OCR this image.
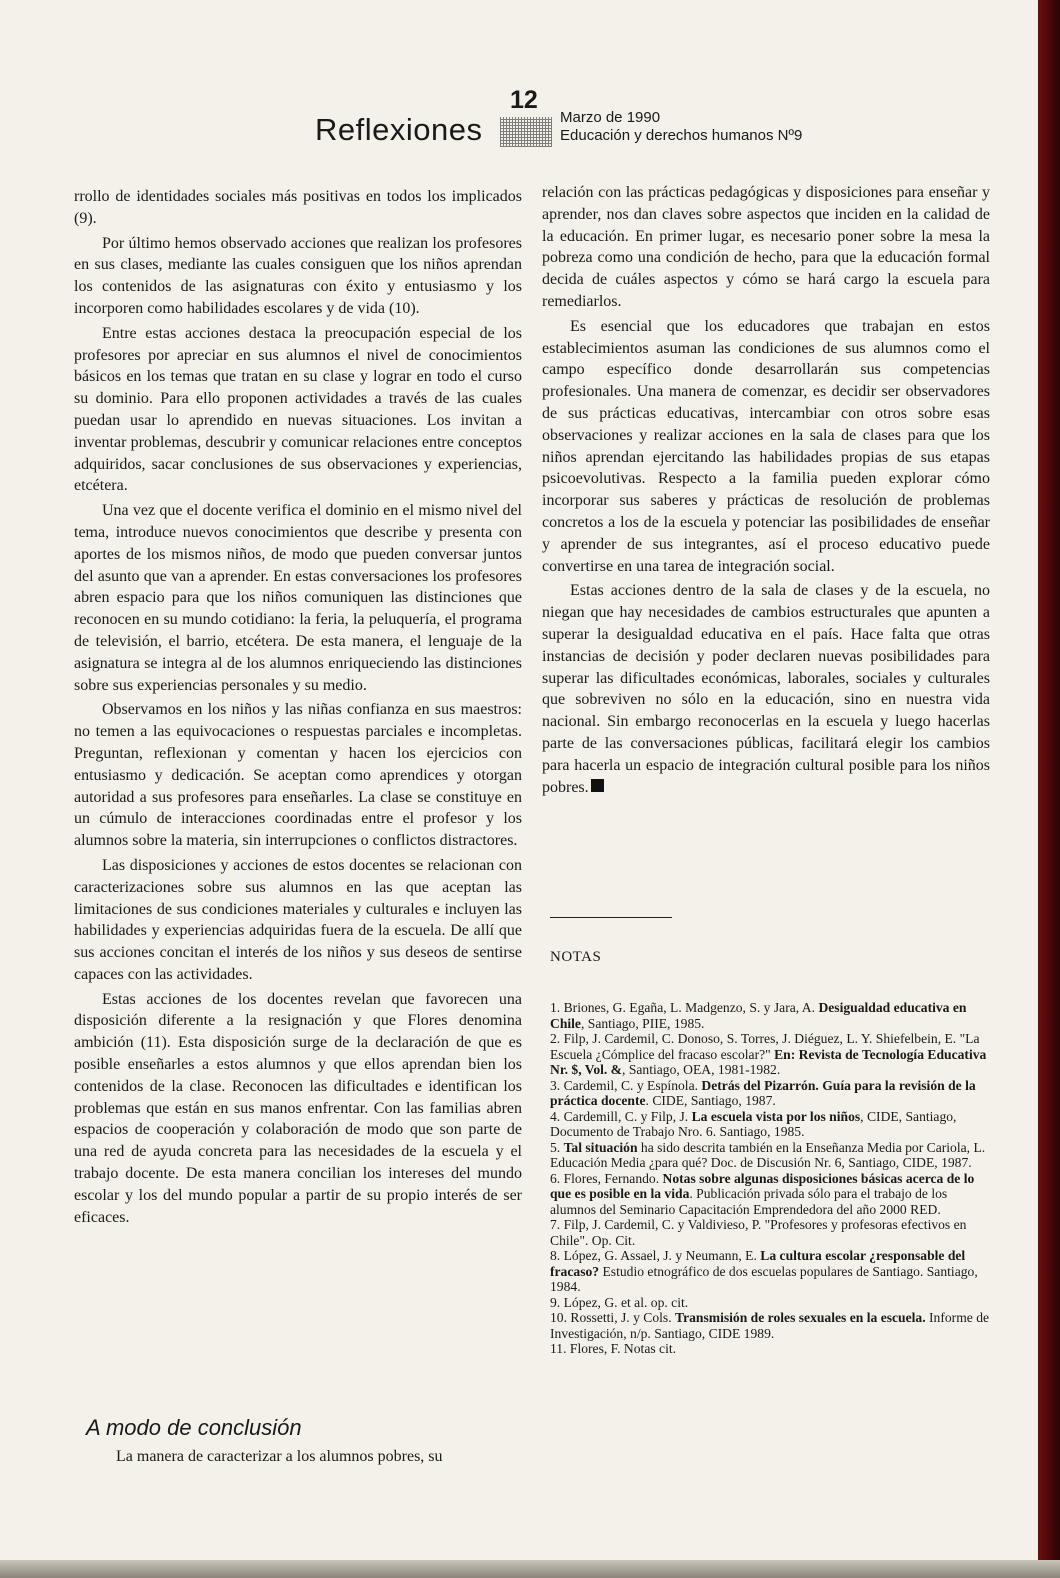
12
Reflexiones	Marzo de 1990
Educación y derechos humanos Nº9

rrollo de identidades sociales más positivas en todos los implicados (9).

Por último hemos observado acciones que realizan los profesores en sus clases, mediante las cuales consiguen que los niños aprendan los contenidos de las asignaturas con éxito y entusiasmo y los incorporen como habilidades escolares y de vida (10).

Entre estas acciones destaca la preocupación especial de los profesores por apreciar en sus alumnos el nivel de conocimientos básicos en los temas que tratan en su clase y lograr en todo el curso su dominio. Para ello proponen actividades a través de las cuales puedan usar lo aprendido en nuevas situaciones. Los invitan a inventar problemas, descubrir y comunicar relaciones entre conceptos adquiridos, sacar conclusiones de sus observaciones y experiencias, etcétera.

Una vez que el docente verifica el dominio en el mismo nivel del tema, introduce nuevos conocimientos que describe y presenta con aportes de los mismos niños, de modo que pueden conversar juntos del asunto que van a aprender. En estas conversaciones los profesores abren espacio para que los niños comuniquen las distinciones que reconocen en su mundo cotidiano: la feria, la peluquería, el programa de televisión, el barrio, etcétera. De esta manera, el lenguaje de la asignatura se integra al de los alumnos enriqueciendo las distinciones sobre sus experiencias personales y su medio.

Observamos en los niños y las niñas confianza en sus maestros: no temen a las equivocaciones o respuestas parciales e incompletas. Preguntan, reflexionan y comentan y hacen los ejercicios con entusiasmo y dedicación. Se aceptan como aprendices y otorgan autoridad a sus profesores para enseñarles. La clase se constituye en un cúmulo de interacciones coordinadas entre el profesor y los alumnos sobre la materia, sin interrupciones o conflictos distractores.

Las disposiciones y acciones de estos docentes se relacionan con caracterizaciones sobre sus alumnos en las que aceptan las limitaciones de sus condiciones materiales y culturales e incluyen las habilidades y experiencias adquiridas fuera de la escuela. De allí que sus acciones concitan el interés de los niños y sus deseos de sentirse capaces con las actividades.

Estas acciones de los docentes revelan que favorecen una disposición diferente a la resignación y que Flores denomina ambición (11). Esta disposición surge de la declaración de que es posible enseñarles a estos alumnos y que ellos aprendan bien los contenidos de la clase. Reconocen las dificultades e identifican los problemas que están en sus manos enfrentar. Con las familias abren espacios de cooperación y colaboración de modo que son parte de una red de ayuda concreta para las necesidades de la escuela y el trabajo docente. De esta manera concilian los intereses del mundo escolar y los del mundo popular a partir de su propio interés de ser eficaces.

A modo de conclusión
La manera de caracterizar a los alumnos pobres, su

relación con las prácticas pedagógicas y disposiciones para enseñar y aprender, nos dan claves sobre aspectos que inciden en la calidad de la educación. En primer lugar, es necesario poner sobre la mesa la pobreza como una condición de hecho, para que la educación formal decida de cuáles aspectos y cómo se hará cargo la escuela para remediarlos.

Es esencial que los educadores que trabajan en estos establecimientos asuman las condiciones de sus alumnos como el campo específico donde desarrollarán sus competencias profesionales. Una manera de comenzar, es decidir ser observadores de sus prácticas educativas, intercambiar con otros sobre esas observaciones y realizar acciones en la sala de clases para que los niños aprendan ejercitando las habilidades propias de sus etapas psicoevolutivas. Respecto a la familia pueden explorar cómo incorporar sus saberes y prácticas de resolución de problemas concretos a los de la escuela y potenciar las posibilidades de enseñar y aprender de sus integrantes, así el proceso educativo puede convertirse en una tarea de integración social.

Estas acciones dentro de la sala de clases y de la escuela, no niegan que hay necesidades de cambios estructurales que apunten a superar la desigualdad educativa en el país. Hace falta que otras instancias de decisión y poder declaren nuevas posibilidades para superar las dificultades económicas, laborales, sociales y culturales que sobreviven no sólo en la educación, sino en nuestra vida nacional. Sin embargo reconocerlas en la escuela y luego hacerlas parte de las conversaciones públicas, facilitará elegir los cambios para hacerla un espacio de integración cultural posible para los niños pobres.

NOTAS
1. Briones, G. Egaña, L. Madgenzo, S. y Jara, A. Desigualdad educativa en Chile, Santiago, PIIE, 1985.
2. Filp, J. Cardemil, C. Donoso, S. Torres, J. Diéguez, L. Y. Shiefelbein, E. "La Escuela ¿Cómplice del fracaso escolar?" En: Revista de Tecnología Educativa Nr. $, Vol. &, Santiago, OEA, 1981-1982.
3. Cardemil, C. y Espínola. Detrás del Pizarrón. Guía para la revisión de la práctica docente. CIDE, Santiago, 1987.
4. Cardemill, C. y Filp, J. La escuela vista por los niños, CIDE, Santiago, Documento de Trabajo Nro. 6. Santiago, 1985.
5. Tal situación ha sido descrita también en la Enseñanza Media por Cariola, L. Educación Media ¿para qué? Doc. de Discusión Nr. 6, Santiago, CIDE, 1987.
6. Flores, Fernando. Notas sobre algunas disposiciones básicas acerca de lo que es posible en la vida. Publicación privada sólo para el trabajo de los alumnos del Seminario Capacitación Emprendedora del año 2000 RED.
7. Filp, J. Cardemil, C. y Valdivieso, P. "Profesores y profesoras efectivos en Chile". Op. Cit.
8. López, G. Assael, J. y Neumann, E. La cultura escolar ¿responsable del fracaso? Estudio etnográfico de dos escuelas populares de Santiago. Santiago, 1984.
9. López, G. et al. op. cit.
10. Rossetti, J. y Cols. Transmisión de roles sexuales en la escuela. Informe de Investigación, n/p. Santiago, CIDE 1989.
11. Flores, F. Notas cit.
